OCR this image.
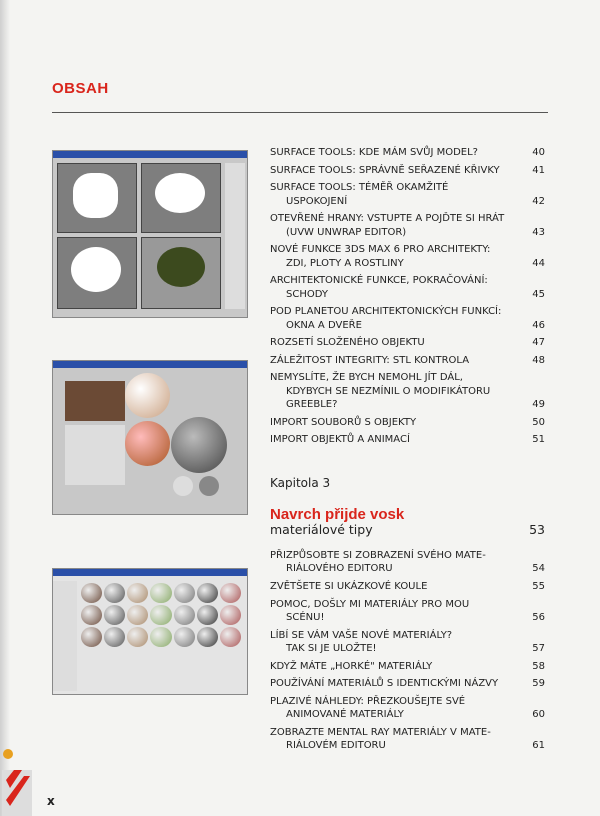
OBSAH
SURFACE TOOLS: KDE MÁM SVŮJ MODEL?	40
SURFACE TOOLS: SPRÁVNĚ SEŘAZENÉ KŘIVKY	41
SURFACE TOOLS: TÉMĚŘ OKAMŽITÉ
USPOKOJENÍ	42
OTEVŘENÉ HRANY: VSTUPTE A POJĎTE SI HRÁT
(UVW UNWRAP EDITOR)	43
NOVÉ FUNKCE 3DS MAX 6 PRO ARCHITEKTY:
ZDI, PLOTY A ROSTLINY	44
ARCHITEKTONICKÉ FUNKCE, POKRAČOVÁNÍ:
SCHODY	45
POD PLANETOU ARCHITEKTONICKÝCH FUNKCÍ:
OKNA A DVEŘE	46
ROZSETÍ SLOŽENÉHO OBJEKTU	47
ZÁLEŽITOST INTEGRITY: STL KONTROLA	48
NEMYSLÍTE, ŽE BYCH NEMOHL JÍT DÁL,
KDYBYCH SE NEZMÍNIL O MODIFIKÁTORU
GREEBLE?	49
IMPORT SOUBORŮ S OBJEKTY	50
IMPORT OBJEKTŮ A ANIMACÍ	51
Kapitola 3
Navrch přijde vosk
materiálové tipy	53
PŘIZPŮSOBTE SI ZOBRAZENÍ SVÉHO MATE-
RIÁLOVÉHO EDITORU	54
ZVĚTŠETE SI UKÁZKOVÉ KOULE	55
POMOC, DOŠLY MI MATERIÁLY PRO MOU
SCÉNU!	56
LÍBÍ SE VÁM VAŠE NOVÉ MATERIÁLY?
TAK SI JE ULOŽTE!	57
KDYŽ MÁTE „HORKÉ" MATERIÁLY	58
POUŽÍVÁNÍ MATERIÁLŮ S IDENTICKÝMI NÁZVY	59
PLAZIVÉ NÁHLEDY: PŘEZKOUŠEJTE SVÉ
ANIMOVANÉ MATERIÁLY	60
ZOBRAZTE MENTAL RAY MATERIÁLY V MATE-
RIÁLOVÉM EDITORU	61
x
